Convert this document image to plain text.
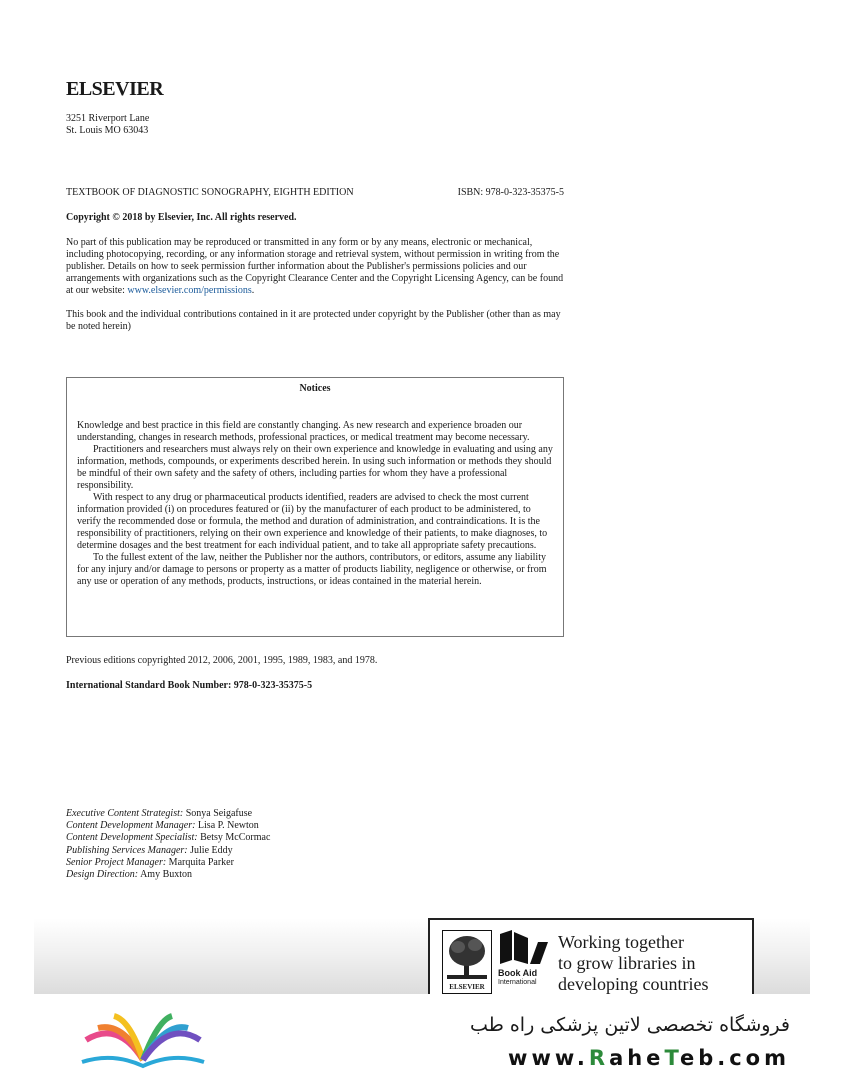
ELSEVIER
3251 Riverport Lane
St. Louis MO 63043
TEXTBOOK OF DIAGNOSTIC SONOGRAPHY, EIGHTH EDITION	ISBN: 978-0-323-35375-5
Copyright © 2018 by Elsevier, Inc. All rights reserved.
No part of this publication may be reproduced or transmitted in any form or by any means, electronic or mechanical, including photocopying, recording, or any information storage and retrieval system, without permission in writing from the publisher. Details on how to seek permission further information about the Publisher's permissions policies and our arrangements with organizations such as the Copyright Clearance Center and the Copyright Licensing Agency, can be found at our website: www.elsevier.com/permissions.
This book and the individual contributions contained in it are protected under copyright by the Publisher (other than as may be noted herein)
Notices

Knowledge and best practice in this field are constantly changing. As new research and experience broaden our understanding, changes in research methods, professional practices, or medical treatment may become necessary.

Practitioners and researchers must always rely on their own experience and knowledge in evaluating and using any information, methods, compounds, or experiments described herein. In using such information or methods they should be mindful of their own safety and the safety of others, including parties for whom they have a professional responsibility.

With respect to any drug or pharmaceutical products identified, readers are advised to check the most current information provided (i) on procedures featured or (ii) by the manufacturer of each product to be administered, to verify the recommended dose or formula, the method and duration of administration, and contraindications. It is the responsibility of practitioners, relying on their own experience and knowledge of their patients, to make diagnoses, to determine dosages and the best treatment for each individual patient, and to take all appropriate safety precautions.

To the fullest extent of the law, neither the Publisher nor the authors, contributors, or editors, assume any liability for any injury and/or damage to persons or property as a matter of products liability, negligence or otherwise, or from any use or operation of any methods, products, instructions, or ideas contained in the material herein.

Previous editions copyrighted 2012, 2006, 2001, 1995, 1989, 1983, and 1978.
International Standard Book Number: 978-0-323-35375-5
Executive Content Strategist: Sonya Seigafuse
Content Development Manager: Lisa P. Newton
Content Development Specialist: Betsy McCormac
Publishing Services Manager: Julie Eddy
Senior Project Manager: Marquita Parker
Design Direction: Amy Buxton
ELSEVIER
Book Aid
International
Working together
to grow libraries in
developing countries
فروشگاه تخصصی لاتین پزشکی راه طب
www.RaheTeb.com
